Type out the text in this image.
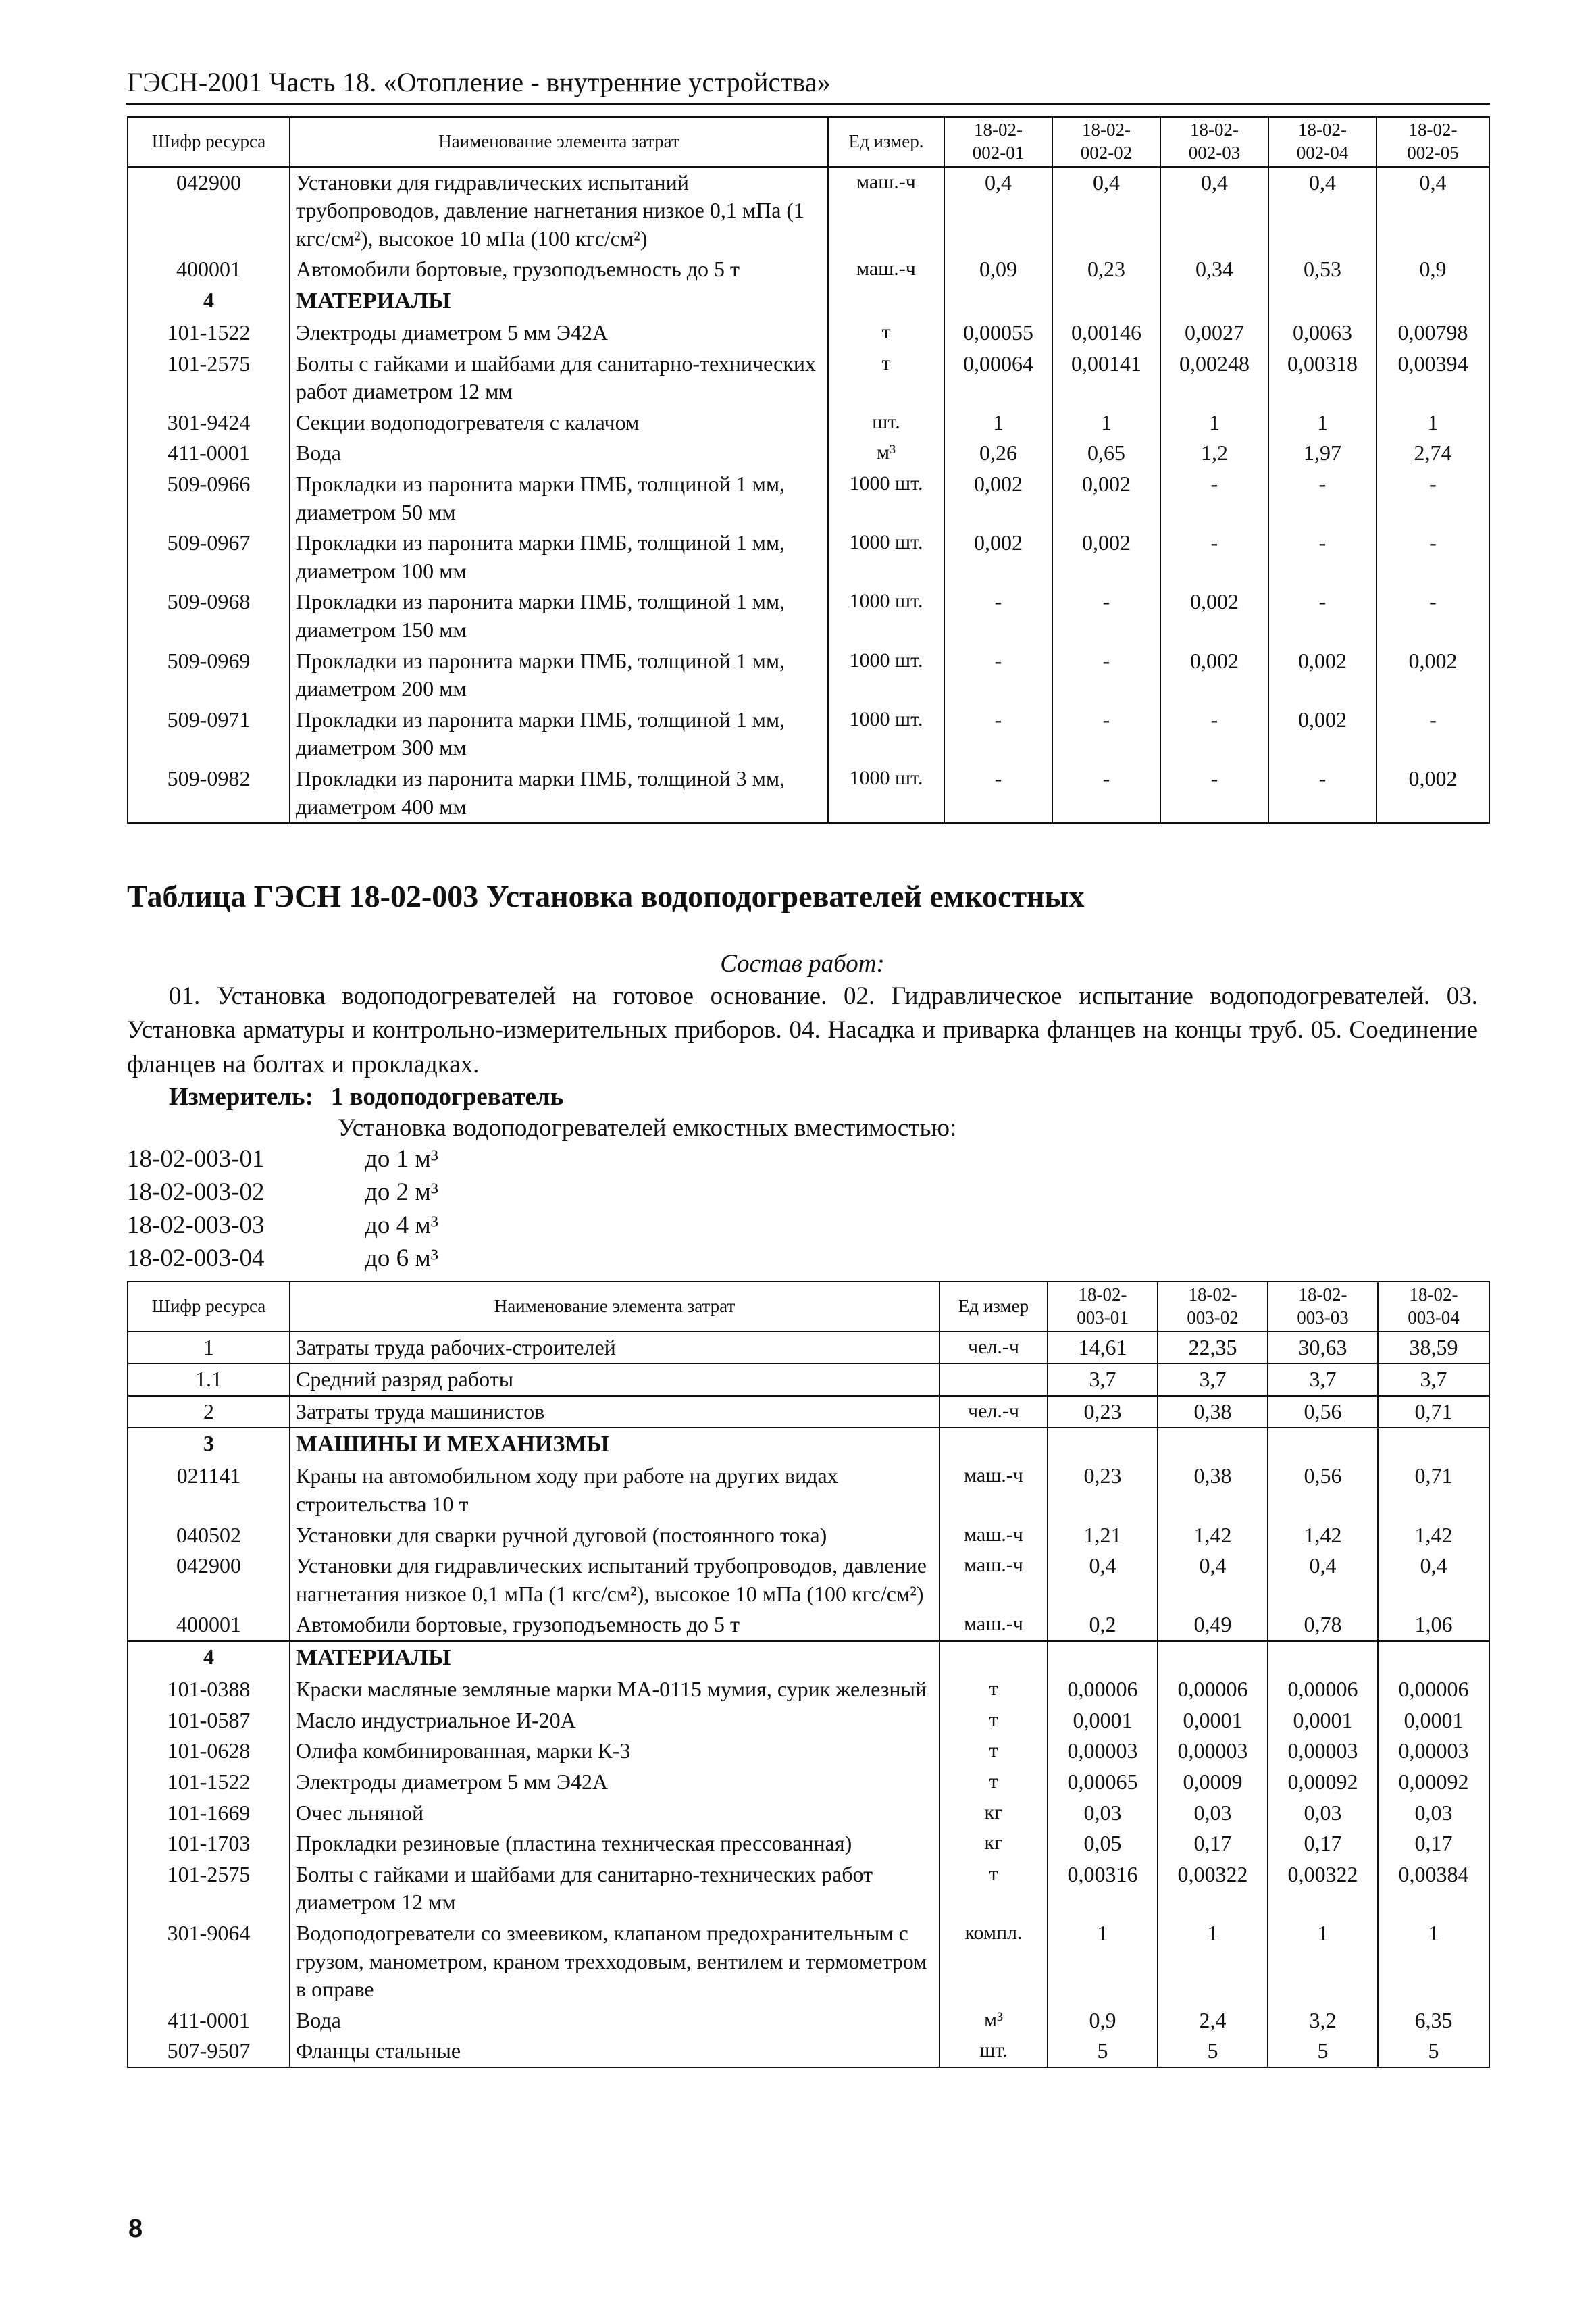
ГЭСН-2001 Часть 18. «Отопление - внутренние устройства»
Шифр ресурса	Наименование элемента затрат	Ед измер.	18-02-
002-01	18-02-
002-02	18-02-
002-03	18-02-
002-04	18-02-
002-05
042900	Установки для гидравлических испытаний трубопроводов, давление нагнетания низкое 0,1 мПа (1 кгс/см²), высокое 10 мПа (100 кгс/см²)	маш.-ч	0,4	0,4	0,4	0,4	0,4
400001	Автомобили бортовые, грузоподъемность до 5 т	маш.-ч	0,09	0,23	0,34	0,53	0,9
4	МАТЕРИАЛЫ						
101-1522	Электроды диаметром 5 мм Э42А	т	0,00055	0,00146	0,0027	0,0063	0,00798
101-2575	Болты с гайками и шайбами для санитарно-технических работ диаметром 12 мм	т	0,00064	0,00141	0,00248	0,00318	0,00394
301-9424	Секции водоподогревателя с калачом	шт.	1	1	1	1	1
411-0001	Вода	м³	0,26	0,65	1,2	1,97	2,74
509-0966	Прокладки из паронита марки ПМБ, толщиной 1 мм, диаметром 50 мм	1000 шт.	0,002	0,002	-	-	-
509-0967	Прокладки из паронита марки ПМБ, толщиной 1 мм, диаметром 100 мм	1000 шт.	0,002	0,002	-	-	-
509-0968	Прокладки из паронита марки ПМБ, толщиной 1 мм, диаметром 150 мм	1000 шт.	-	-	0,002	-	-
509-0969	Прокладки из паронита марки ПМБ, толщиной 1 мм, диаметром 200 мм	1000 шт.	-	-	0,002	0,002	0,002
509-0971	Прокладки из паронита марки ПМБ, толщиной 1 мм, диаметром 300 мм	1000 шт.	-	-	-	0,002	-
509-0982	Прокладки из паронита марки ПМБ, толщиной 3 мм, диаметром 400 мм	1000 шт.	-	-	-	-	0,002
Таблица ГЭСН 18-02-003 Установка водоподогревателей емкостных
Состав работ:
01. Установка водоподогревателей на готовое основание. 02. Гидравлическое испытание водоподогревателей. 03. Установка арматуры и контрольно-измерительных приборов. 04. Насадка и приварка фланцев на концы труб. 05. Соединение фланцев на болтах и прокладках.
Измеритель: 1 водоподогреватель
Установка водоподогревателей емкостных вместимостью:
18-02-003-01	до 1 м³
18-02-003-02	до 2 м³
18-02-003-03	до 4 м³
18-02-003-04	до 6 м³
Шифр ресурса	Наименование элемента затрат	Ед измер	18-02-
003-01	18-02-
003-02	18-02-
003-03	18-02-
003-04
1	Затраты труда рабочих-строителей	чел.-ч	14,61	22,35	30,63	38,59
1.1	Средний разряд работы		3,7	3,7	3,7	3,7
2	Затраты труда машинистов	чел.-ч	0,23	0,38	0,56	0,71
3	МАШИНЫ И МЕХАНИЗМЫ					
021141	Краны на автомобильном ходу при работе на других видах строительства 10 т	маш.-ч	0,23	0,38	0,56	0,71
040502	Установки для сварки ручной дуговой (постоянного тока)	маш.-ч	1,21	1,42	1,42	1,42
042900	Установки для гидравлических испытаний трубопроводов, давление нагнетания низкое 0,1 мПа (1 кгс/см²), высокое 10 мПа (100 кгс/см²)	маш.-ч	0,4	0,4	0,4	0,4
400001	Автомобили бортовые, грузоподъемность до 5 т	маш.-ч	0,2	0,49	0,78	1,06
4	МАТЕРИАЛЫ					
101-0388	Краски масляные земляные марки МА-0115 мумия, сурик железный	т	0,00006	0,00006	0,00006	0,00006
101-0587	Масло индустриальное И-20А	т	0,0001	0,0001	0,0001	0,0001
101-0628	Олифа комбинированная, марки К-3	т	0,00003	0,00003	0,00003	0,00003
101-1522	Электроды диаметром 5 мм Э42А	т	0,00065	0,0009	0,00092	0,00092
101-1669	Очес льняной	кг	0,03	0,03	0,03	0,03
101-1703	Прокладки резиновые (пластина техническая прессованная)	кг	0,05	0,17	0,17	0,17
101-2575	Болты с гайками и шайбами для санитарно-технических работ диаметром 12 мм	т	0,00316	0,00322	0,00322	0,00384
301-9064	Водоподогреватели со змеевиком, клапаном предохранительным с грузом, манометром, краном трехходовым, вентилем и термометром в оправе	компл.	1	1	1	1
411-0001	Вода	м³	0,9	2,4	3,2	6,35
507-9507	Фланцы стальные	шт.	5	5	5	5
8
